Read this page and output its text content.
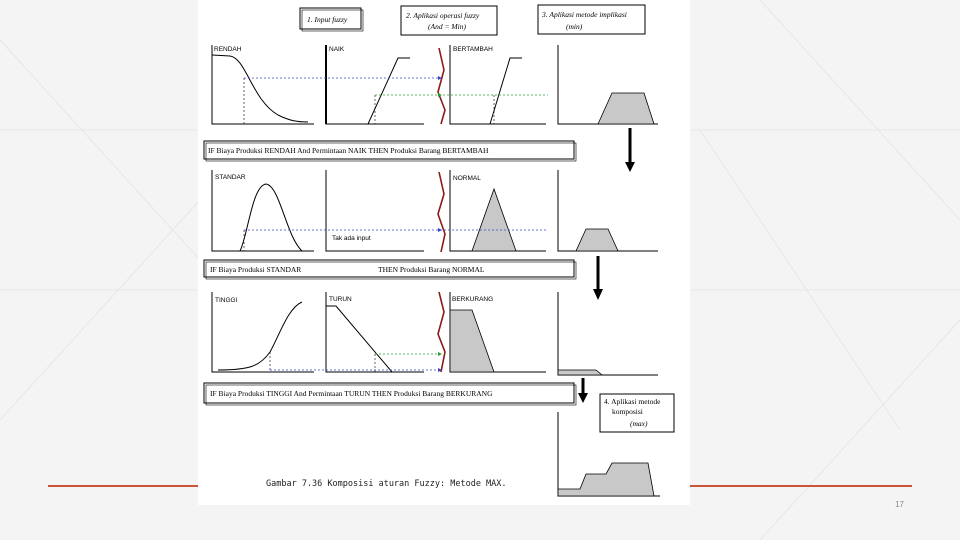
17
1. Input fuzzy	2. Aplikasi operasi fuzzy
(And = Min)
3. Aplikasi metode implikasi
(min)
RENDAH	NAIK	BERTAMBAH
IF Biaya Produksi RENDAH And Permintaan NAIK THEN Produksi Barang BERTAMBAH
STANDAR
Tak ada input
NORMAL
IF Biaya Produksi STANDAR	THEN Produksi Barang NORMAL
TINGGI	TURUN	BERKURANG
IF Biaya Produksi TINGGI And Permintaan TURUN THEN Produksi Barang BERKURANG
4. Aplikasi metode
komposisi
(max)
Gambar 7.36 Komposisi aturan Fuzzy: Metode MAX.
